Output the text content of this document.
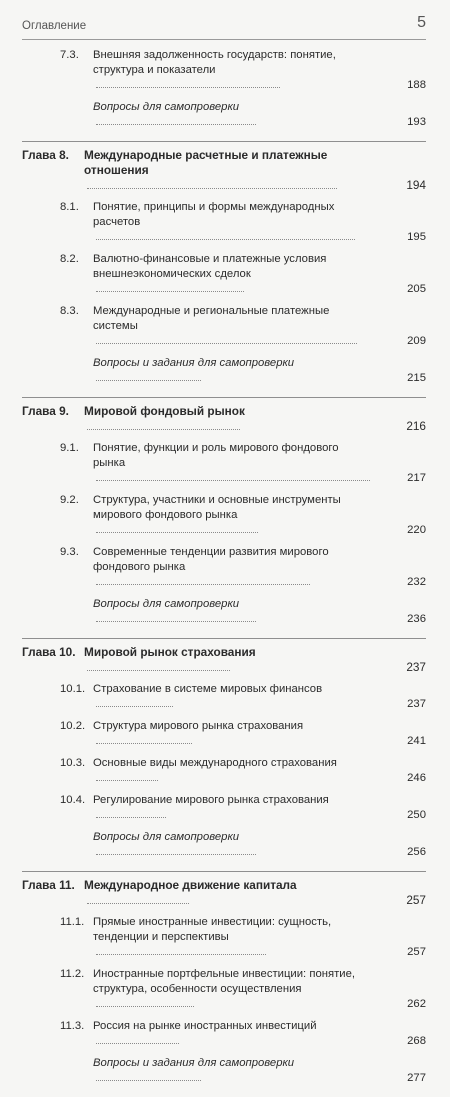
Оглавление	5
7.3. Внешняя задолженность государств: понятие,
структура и показатели
188
Вопросы для самопроверки
193
Глава 8. Международные расчетные и платежные
отношения
194
8.1. Понятие, принципы и формы международных
расчетов
195
8.2. Валютно-финансовые и платежные условия
внешнеэкономических сделок
205
8.3. Международные и региональные платежные
системы
209
Вопросы и задания для самопроверки
215
Глава 9. Мировой фондовый рынок
216
9.1. Понятие, функции и роль мирового фондового
рынка
217
9.2. Структура, участники и основные инструменты
мирового фондового рынка
220
9.3. Современные тенденции развития мирового
фондового рынка
232
Вопросы для самопроверки
236
Глава 10. Мировой рынок страхования
237
10.1. Страхование в системе мировых финансов
237
10.2. Структура мирового рынка страхования
241
10.3. Основные виды международного страхования
246
10.4. Регулирование мирового рынка страхования
250
Вопросы для самопроверки
256
Глава 11. Международное движение капитала
257
11.1. Прямые иностранные инвестиции: сущность,
тенденции и перспективы
257
11.2. Иностранные портфельные инвестиции: понятие,
структура, особенности осуществления
262
11.3. Россия на рынке иностранных инвестиций
268
Вопросы и задания для самопроверки
277
